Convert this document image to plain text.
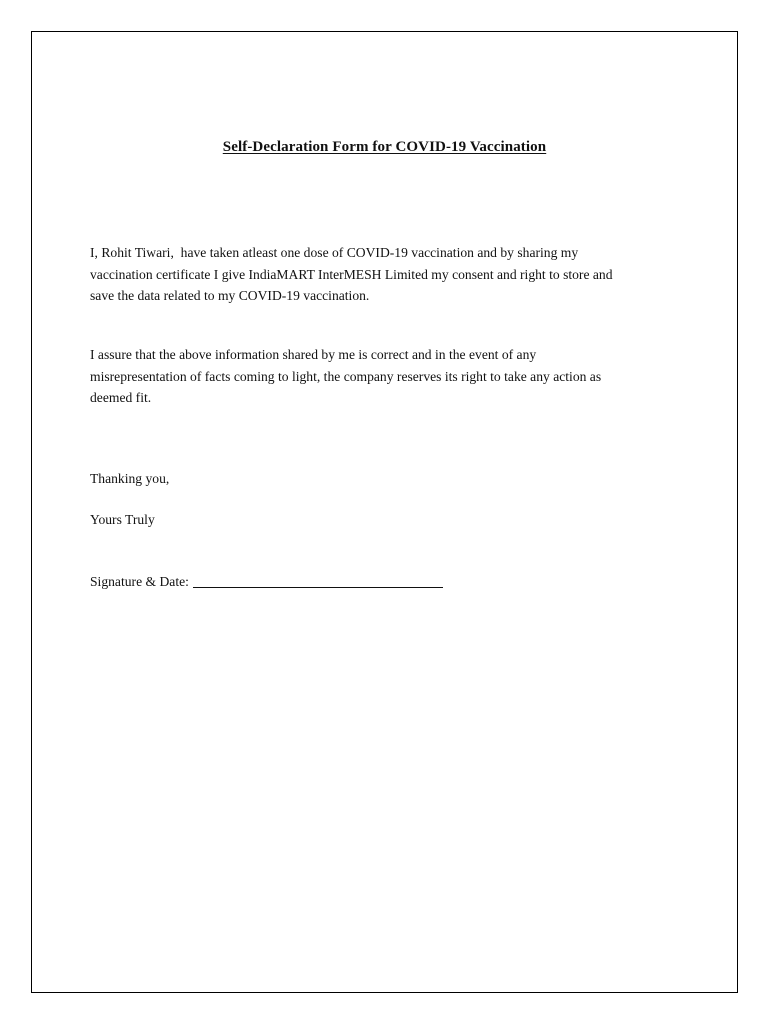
Self-Declaration Form for COVID-19 Vaccination
I, Rohit Tiwari,  have taken atleast one dose of COVID-19 vaccination and by sharing my
vaccination certificate I give IndiaMART InterMESH Limited my consent and right to store and
save the data related to my COVID-19 vaccination.
I assure that the above information shared by me is correct and in the event of any
misrepresentation of facts coming to light, the company reserves its right to take any action as
deemed fit.
Thanking you,
Yours Truly
Signature & Date:
